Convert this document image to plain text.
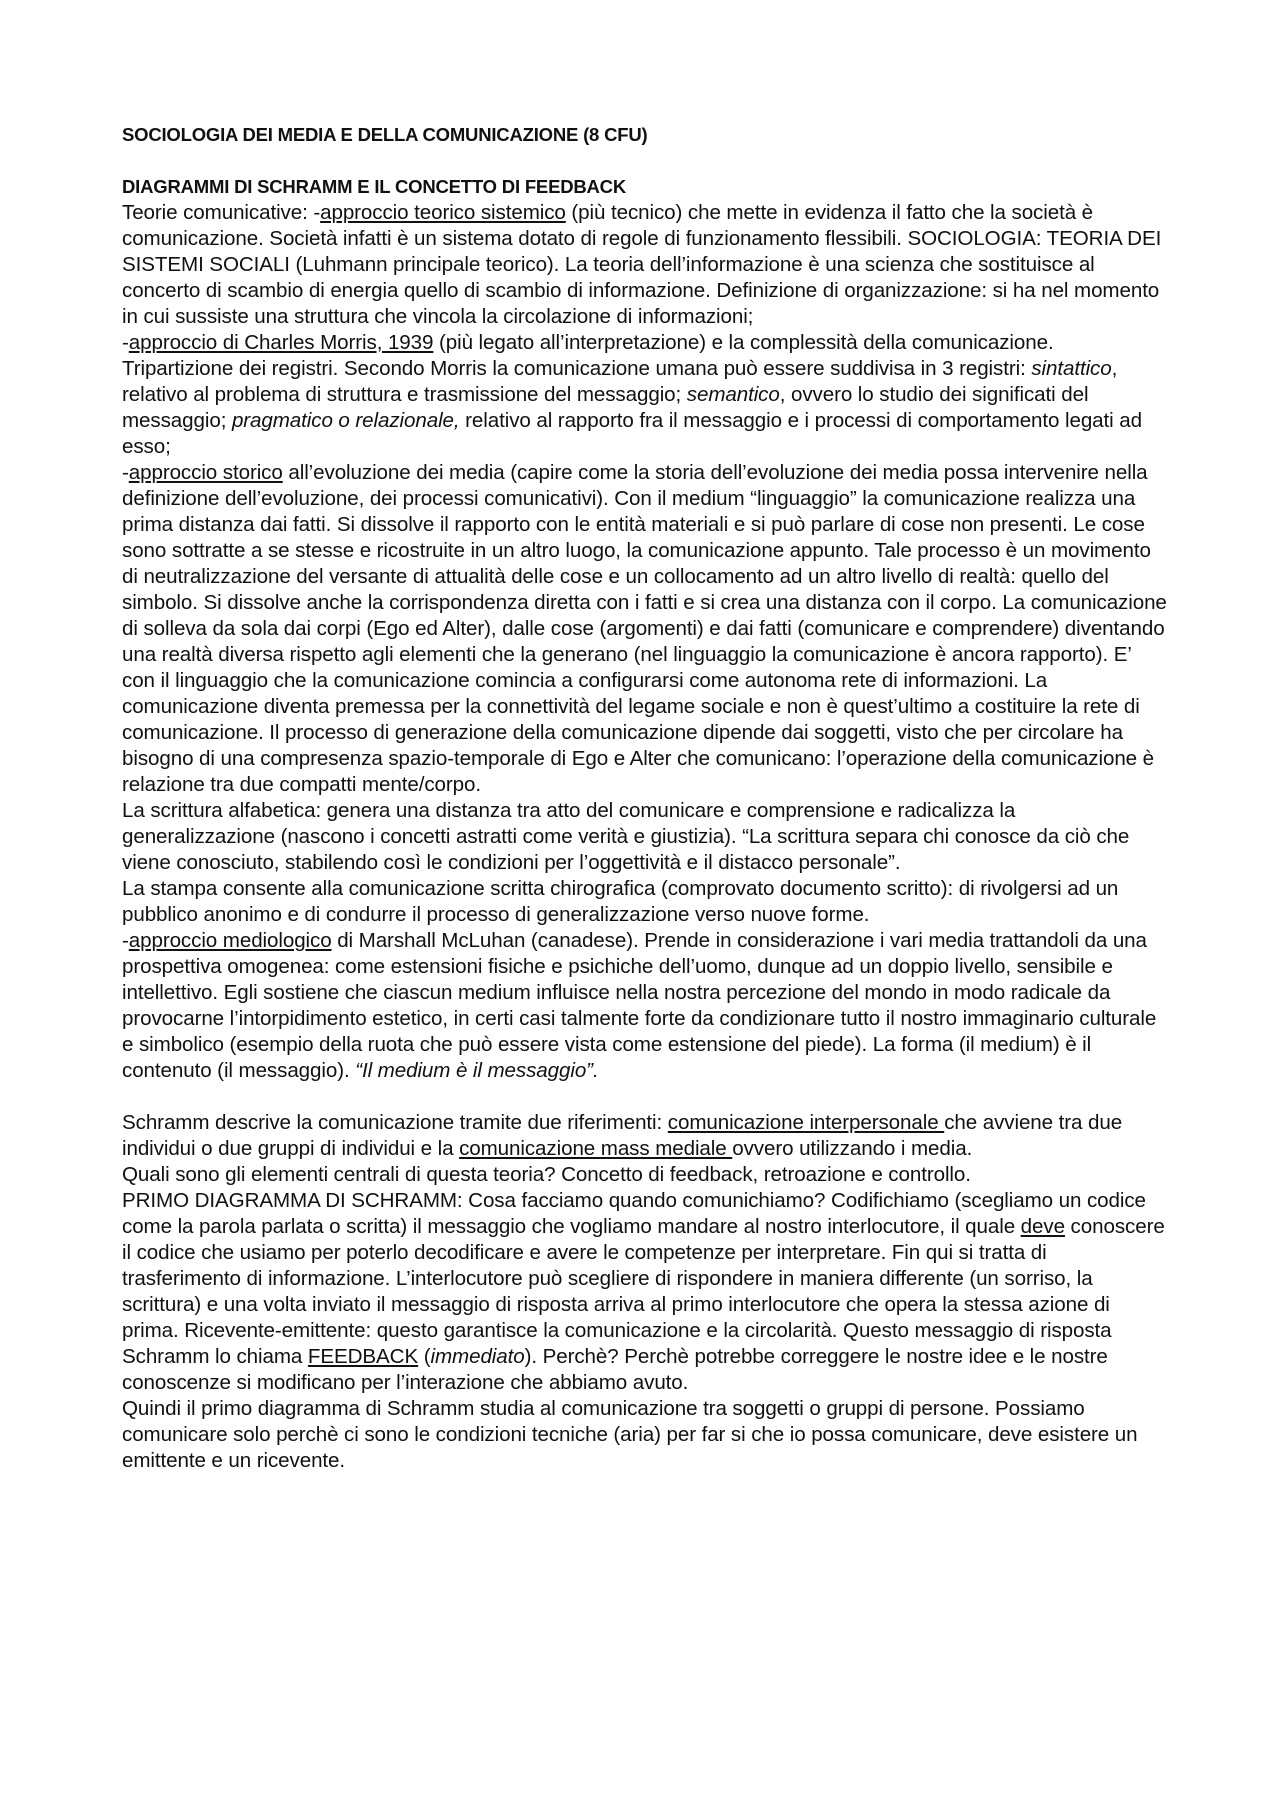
SOCIOLOGIA DEI MEDIA E DELLA COMUNICAZIONE (8 CFU)
DIAGRAMMI DI SCHRAMM E IL CONCETTO DI FEEDBACK

Teorie comunicative: -approccio teorico sistemico (più tecnico) che mette in evidenza il fatto che la società è comunicazione. Società infatti è un sistema dotato di regole di funzionamento flessibili. SOCIOLOGIA: TEORIA DEI SISTEMI SOCIALI (Luhmann principale teorico). La teoria dell’informazione è una scienza che sostituisce al concerto di scambio di energia quello di scambio di informazione. Definizione di organizzazione: si ha nel momento in cui sussiste una struttura che vincola la circolazione di informazioni;

-approccio di Charles Morris, 1939 (più legato all’interpretazione) e la complessità della comunicazione. Tripartizione dei registri. Secondo Morris la comunicazione umana può essere suddivisa in 3 registri: sintattico, relativo al problema di struttura e trasmissione del messaggio; semantico, ovvero lo studio dei significati del messaggio; pragmatico o relazionale, relativo al rapporto fra il messaggio e i processi di comportamento legati ad esso;

-approccio storico all’evoluzione dei media (capire come la storia dell’evoluzione dei media possa intervenire nella definizione dell’evoluzione, dei processi comunicativi). Con il medium “linguaggio” la comunicazione realizza una prima distanza dai fatti. Si dissolve il rapporto con le entità materiali e si può parlare di cose non presenti. Le cose sono sottratte a se stesse e ricostruite in un altro luogo, la comunicazione appunto. Tale processo è un movimento di neutralizzazione del versante di attualità delle cose e un collocamento ad un altro livello di realtà: quello del simbolo. Si dissolve anche la corrispondenza diretta con i fatti e si crea una distanza con il corpo. La comunicazione di solleva da sola dai corpi (Ego ed Alter), dalle cose (argomenti) e dai fatti (comunicare e comprendere) diventando una realtà diversa rispetto agli elementi che la generano (nel linguaggio la comunicazione è ancora rapporto). E’ con il linguaggio che la comunicazione comincia a configurarsi come autonoma rete di informazioni. La comunicazione diventa premessa per la connettività del legame sociale e non è quest’ultimo a costituire la rete di comunicazione. Il processo di generazione della comunicazione dipende dai soggetti, visto che per circolare ha bisogno di una compresenza spazio-temporale di Ego e Alter che comunicano: l’operazione della comunicazione è relazione tra due compatti mente/corpo.

La scrittura alfabetica: genera una distanza tra atto del comunicare e comprensione e radicalizza la generalizzazione (nascono i concetti astratti come verità e giustizia). “La scrittura separa chi conosce da ciò che viene conosciuto, stabilendo così le condizioni per l’oggettività e il distacco personale”.

La stampa consente alla comunicazione scritta chirografica (comprovato documento scritto): di rivolgersi ad un pubblico anonimo e di condurre il processo di generalizzazione verso nuove forme.

-approccio mediologico di Marshall McLuhan (canadese). Prende in considerazione i vari media trattandoli da una prospettiva omogenea: come estensioni fisiche e psichiche dell’uomo, dunque ad un doppio livello, sensibile e intellettivo. Egli sostiene che ciascun medium influisce nella nostra percezione del mondo in modo radicale da provocarne l’intorpidimento estetico, in certi casi talmente forte da condizionare tutto il nostro immaginario culturale e simbolico (esempio della ruota che può essere vista come estensione del piede). La forma (il medium) è il contenuto (il messaggio). “Il medium è il messaggio”.

Schramm descrive la comunicazione tramite due riferimenti: comunicazione interpersonale che avviene tra due individui o due gruppi di individui e la comunicazione mass mediale ovvero utilizzando i media.

Quali sono gli elementi centrali di questa teoria? Concetto di feedback, retroazione e controllo.

PRIMO DIAGRAMMA DI SCHRAMM: Cosa facciamo quando comunichiamo? Codifichiamo (scegliamo un codice come la parola parlata o scritta) il messaggio che vogliamo mandare al nostro interlocutore, il quale deve conoscere il codice che usiamo per poterlo decodificare e avere le competenze per interpretare. Fin qui si tratta di trasferimento di informazione. L’interlocutore può scegliere di rispondere in maniera differente (un sorriso, la scrittura) e una volta inviato il messaggio di risposta arriva al primo interlocutore che opera la stessa azione di prima. Ricevente-emittente: questo garantisce la comunicazione e la circolarità. Questo messaggio di risposta Schramm lo chiama FEEDBACK (immediato). Perchè? Perchè potrebbe correggere le nostre idee e le nostre conoscenze si modificano per l’interazione che abbiamo avuto.

Quindi il primo diagramma di Schramm studia al comunicazione tra soggetti o gruppi di persone. Possiamo comunicare solo perchè ci sono le condizioni tecniche (aria) per far si che io possa comunicare, deve esistere un emittente e un ricevente.
